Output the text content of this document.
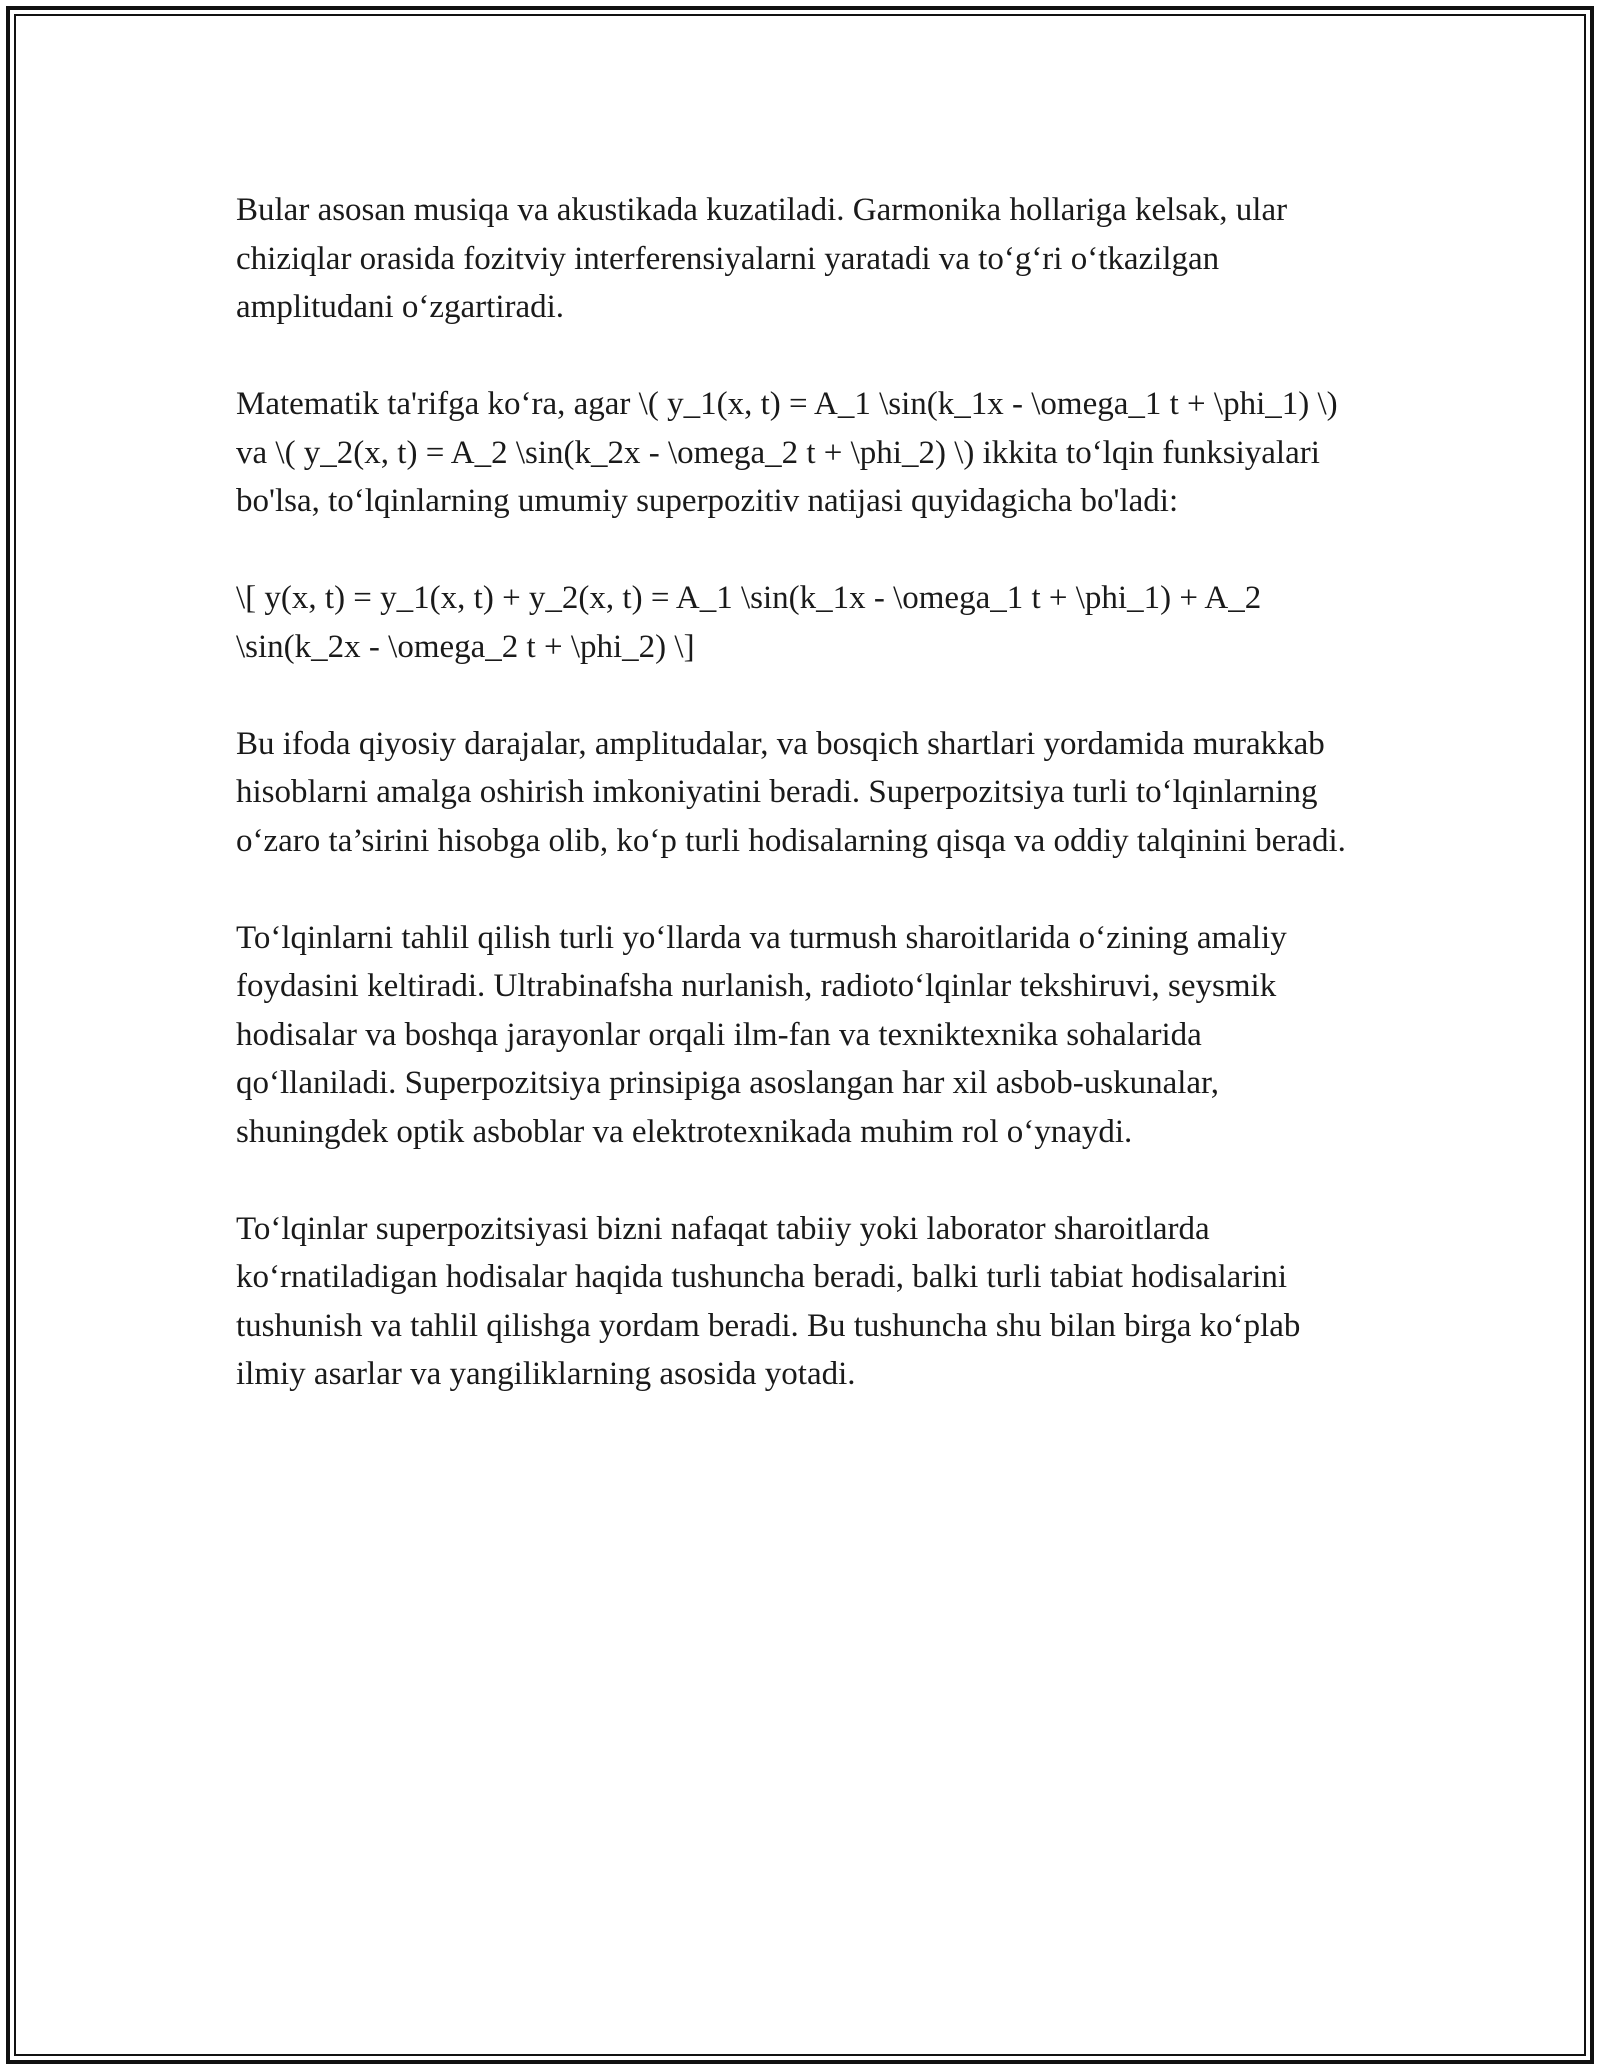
Bular asosan musiqa va akustikada kuzatiladi. Garmonika hollariga kelsak, ular chiziqlar orasida fozitviy interferensiyalarni yaratadi va to‘g‘ri o‘tkazilgan amplitudani o‘zgartiradi.

Matematik ta'rifga ko‘ra, agar \( y_1(x, t) = A_1 \sin(k_1x - \omega_1 t + \phi_1) \) va \( y_2(x, t) = A_2 \sin(k_2x - \omega_2 t + \phi_2) \) ikkita to‘lqin funksiyalari bo'lsa, to‘lqinlarning umumiy superpozitiv natijasi quyidagicha bo'ladi:

\[ y(x, t) = y_1(x, t) + y_2(x, t) = A_1 \sin(k_1x - \omega_1 t + \phi_1) + A_2 \sin(k_2x - \omega_2 t + \phi_2) \]

Bu ifoda qiyosiy darajalar, amplitudalar, va bosqich shartlari yordamida murakkab hisoblarni amalga oshirish imkoniyatini beradi. Superpozitsiya turli to‘lqinlarning o‘zaro ta’sirini hisobga olib, ko‘p turli hodisalarning qisqa va oddiy talqinini beradi.

To‘lqinlarni tahlil qilish turli yo‘llarda va turmush sharoitlarida o‘zining amaliy foydasini keltiradi. Ultrabinafsha nurlanish, radioto‘lqinlar tekshiruvi, seysmik hodisalar va boshqa jarayonlar orqali ilm-fan va texniktexnika sohalarida qo‘llaniladi. Superpozitsiya prinsipiga asoslangan har xil asbob-uskunalar, shuningdek optik asboblar va elektrotexnikada muhim rol o‘ynaydi.

To‘lqinlar superpozitsiyasi bizni nafaqat tabiiy yoki laborator sharoitlarda ko‘rnatiladigan hodisalar haqida tushuncha beradi, balki turli tabiat hodisalarini tushunish va tahlil qilishga yordam beradi. Bu tushuncha shu bilan birga ko‘plab ilmiy asarlar va yangiliklarning asosida yotadi.
